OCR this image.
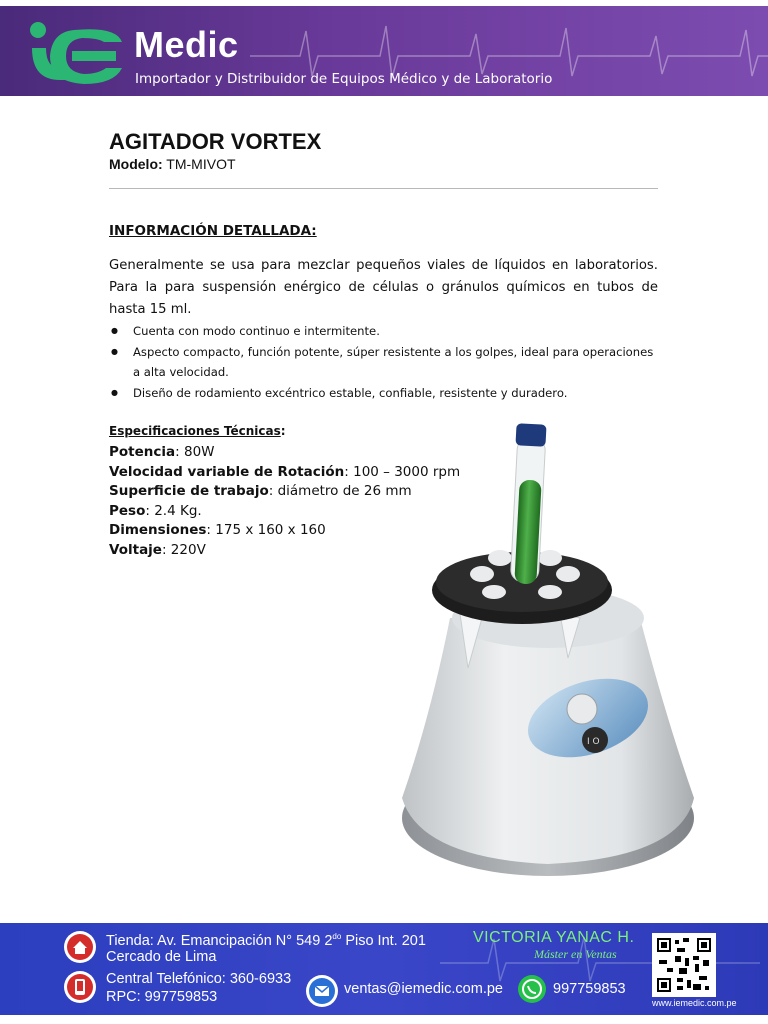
Medic
Importador y Distribuidor de Equipos Médico y de Laboratorio
AGITADOR VORTEX
Modelo: TM-MIVOT
INFORMACIÓN DETALLADA:
Generalmente se usa para mezclar pequeños viales de líquidos en laboratorios. Para la para suspensión enérgico de células o gránulos químicos en tubos de hasta 15 ml.
● Cuenta con modo continuo e intermitente.
● Aspecto compacto, función potente, súper resistente a los golpes, ideal para operaciones a alta velocidad.
● Diseño de rodamiento excéntrico estable, confiable, resistente y duradero.
Especificaciones Técnicas:
Potencia: 80W
Velocidad variable de Rotación: 100 – 3000 rpm
Superficie de trabajo: diámetro de 26 mm
Peso: 2.4 Kg.
Dimensiones: 175 x 160 x 160
Voltaje: 220V
I O
Tienda: Av. Emancipación N° 549 $2^{do}$ Piso Int. 201
Cercado de Lima
Central Telefónico: 360-6933
RPC: 997759853	ventas@iemedic.com.pe	997759853
VICTORIA YANAC H.
Máster en Ventas
www.iemedic.com.pe
